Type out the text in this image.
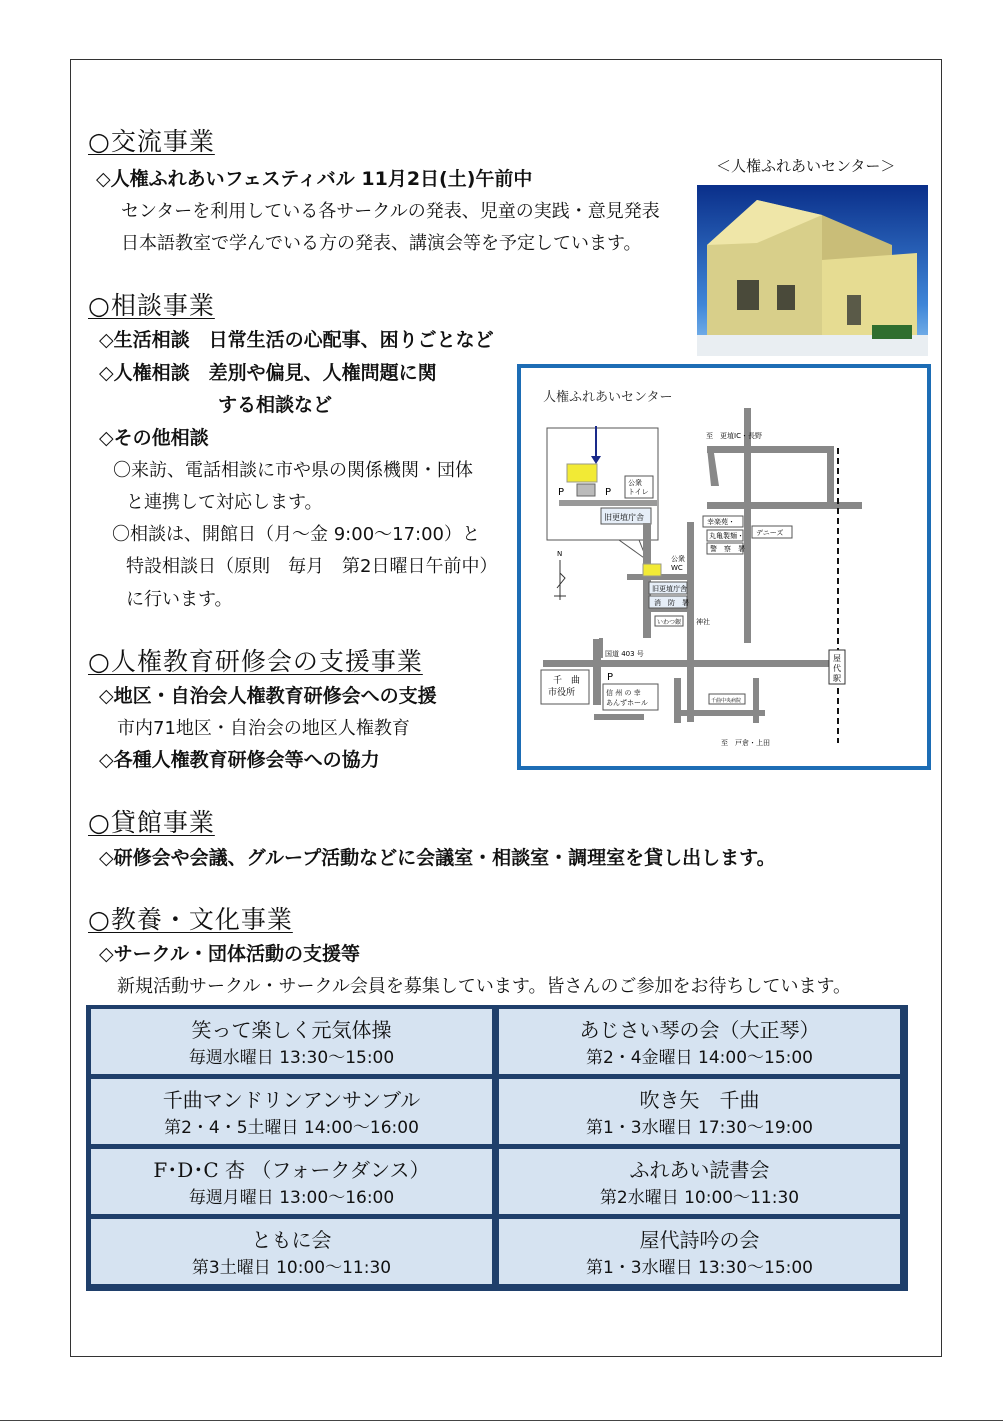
○交流事業
◇人権ふれあいフェスティバル 11月2日(土)午前中
センターを利用している各サークルの発表、児童の実践・意見発表
日本語教室で学んでいる方の発表、講演会等を予定しています。
＜人権ふれあいセンター＞
○相談事業
◇生活相談　日常生活の心配事、困りごとなど
◇人権相談　差別や偏見、人権問題に関
する相談など
◇その他相談
〇来訪、電話相談に市や県の関係機関・団体
と連携して対応します。
〇相談は、開館日（月～金 9:00～17:00）と
特設相談日（原則　毎月　第2日曜日午前中）
に行います。
人権ふれあいセンター
P	P
公衆
トイレ
旧更埴庁舎
N
至　更埴IC・長野
至　戸倉・上田
公衆
WC
旧更埴庁舎
消　防　署
いわつ銀 神社
幸楽苑・
丸亀製麺・
警　察　署
デニーズ
国道 403 号
千　曲
市役所
P
信 州 の 幸
あんずホール	千曲中央病院
屋
代
駅
○人権教育研修会の支援事業
◇地区・自治会人権教育研修会への支援
市内71地区・自治会の地区人権教育
◇各種人権教育研修会等への協力
○貸館事業
◇研修会や会議、グループ活動などに会議室・相談室・調理室を貸し出します。
○教養・文化事業
◇サークル・団体活動の支援等
新規活動サークル・サークル会員を募集しています。皆さんのご参加をお待ちしています。
笑って楽しく元気体操
毎週水曜日 13:30～15:00
あじさい琴の会（大正琴）
第2・4金曜日 14:00～15:00
千曲マンドリンアンサンブル
第2・4・5土曜日 14:00～16:00
吹き矢　千曲
第1・3水曜日 17:30～19:00
F･D･C 杏 （フォークダンス）
毎週月曜日 13:00～16:00
ふれあい読書会
第2水曜日 10:00～11:30
ともに会
第3土曜日 10:00～11:30
屋代詩吟の会
第1・3水曜日 13:30～15:00
